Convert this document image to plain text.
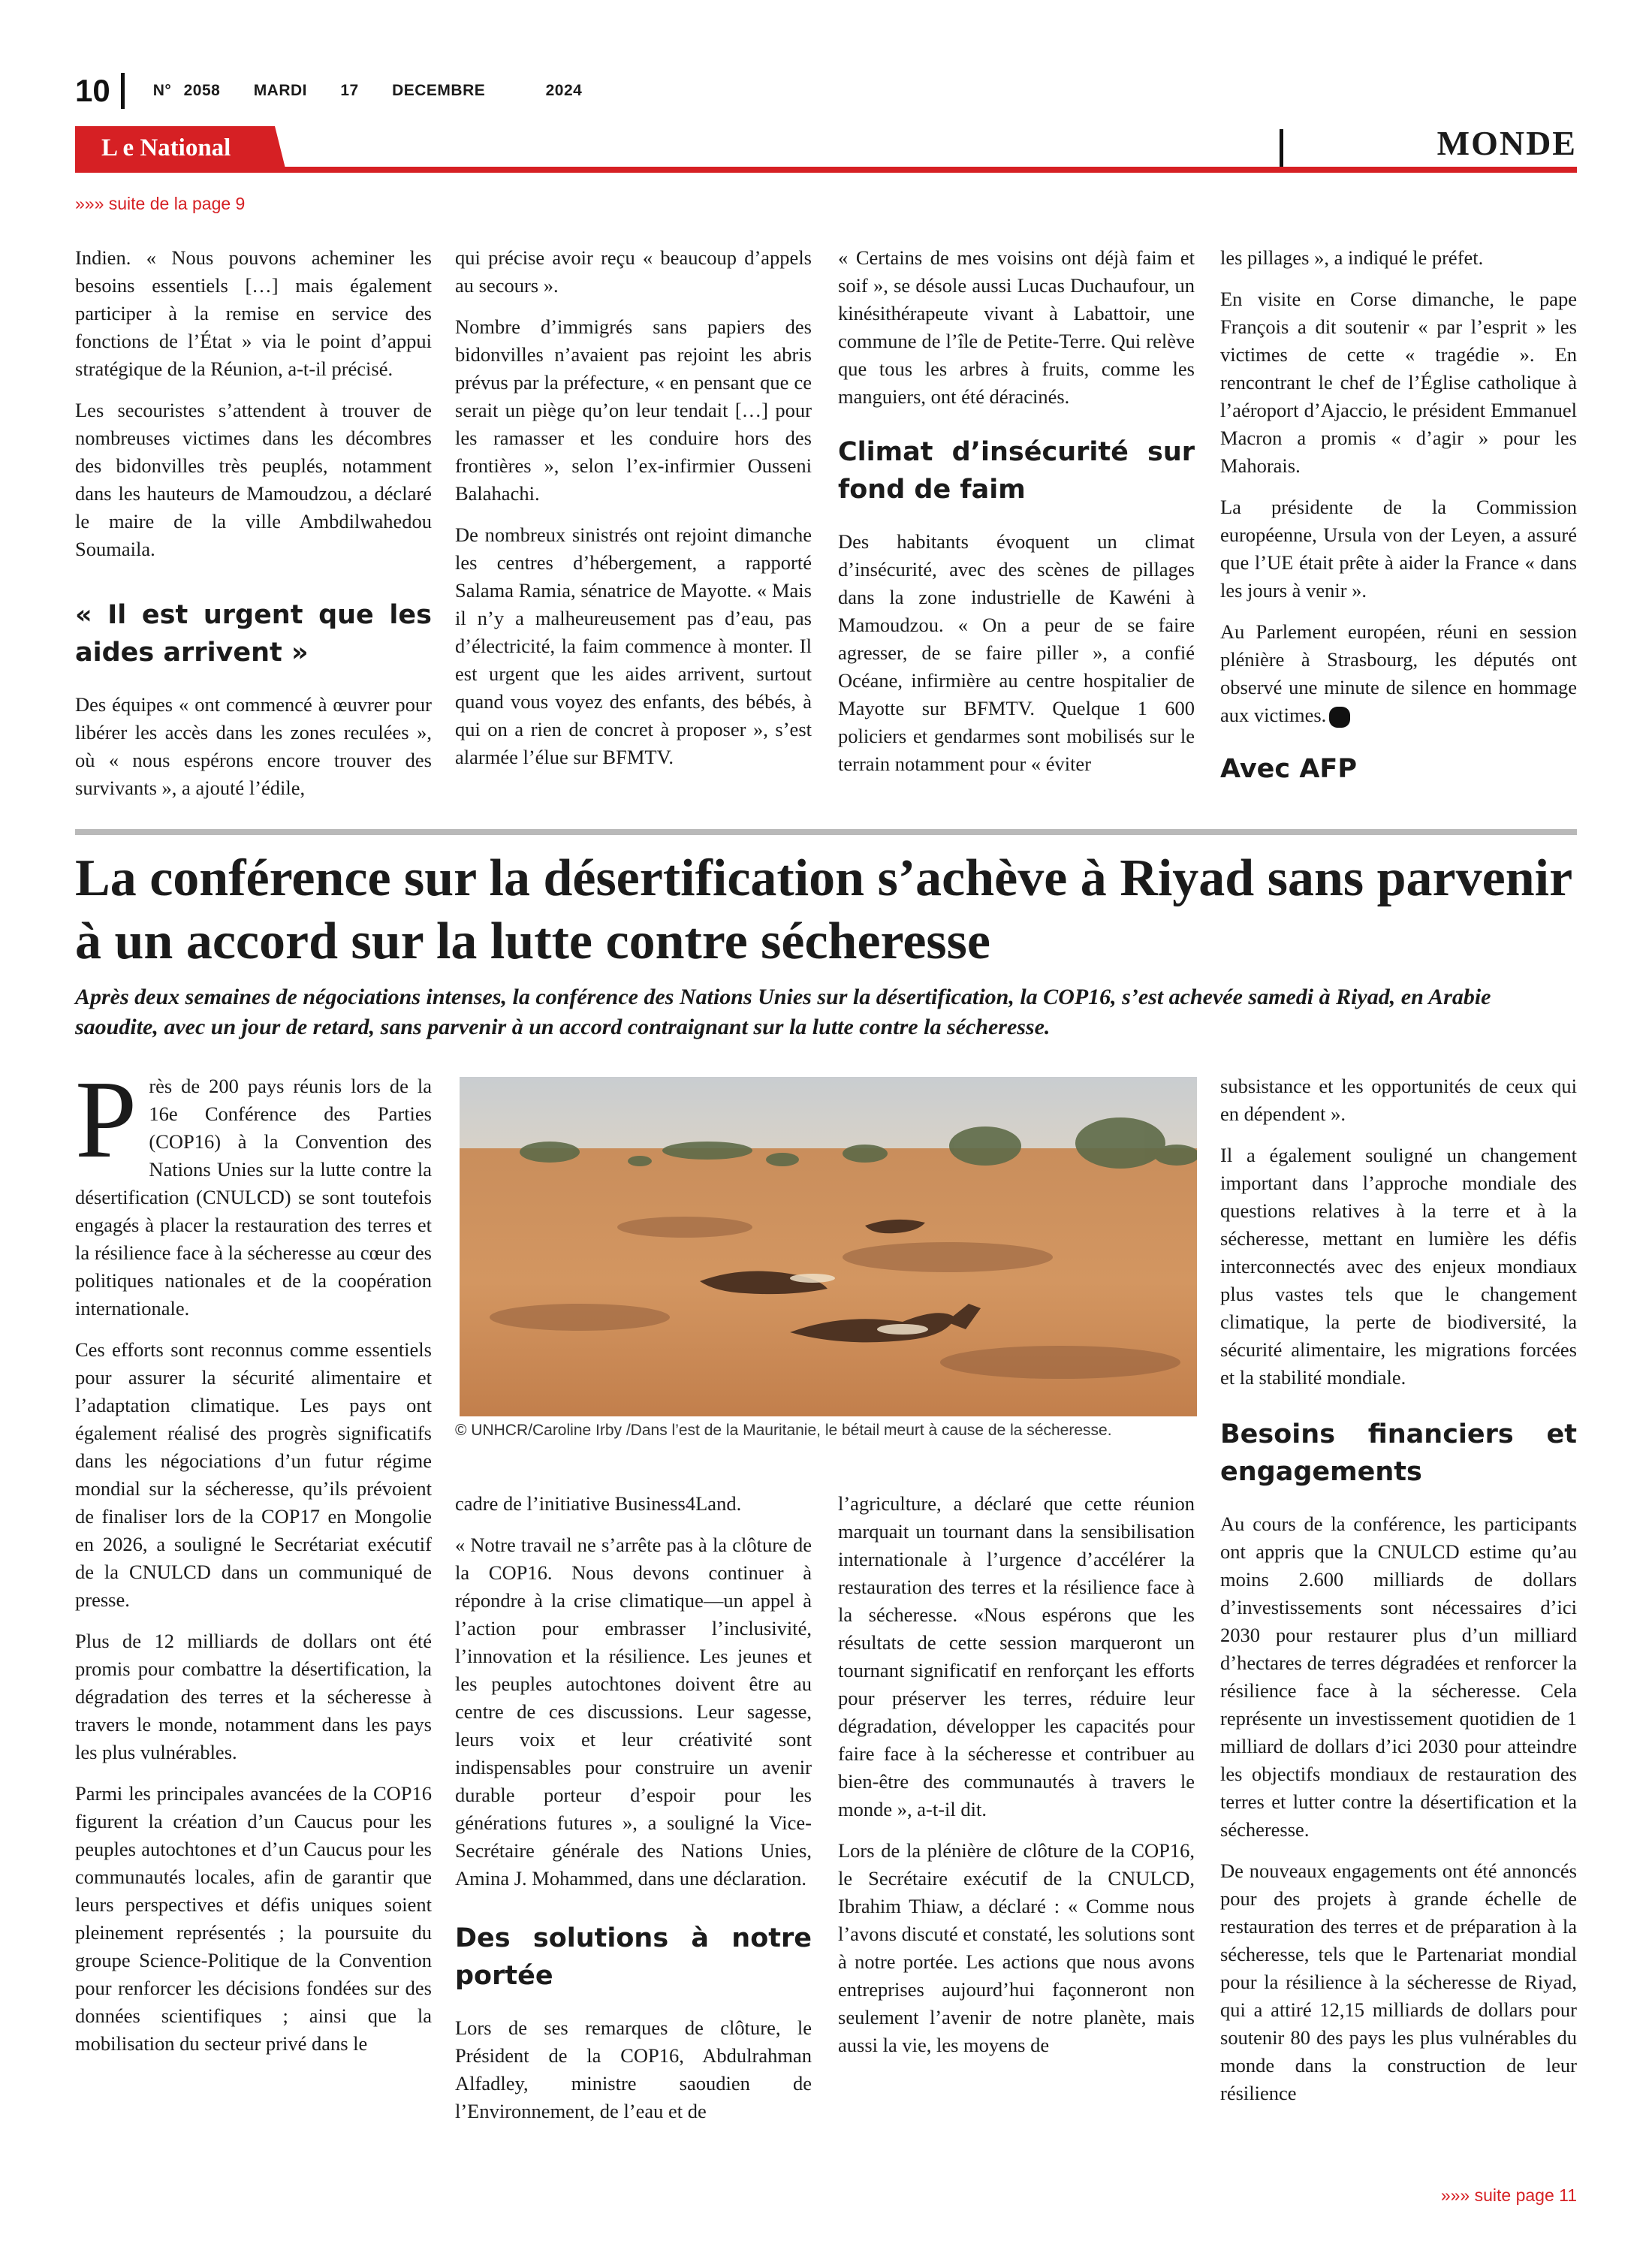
10	N° 2058 MARDI 17 DECEMBRE	2024
L e National	MONDE
»»» suite de la page 9

Indien. « Nous pouvons acheminer les besoins essentiels […] mais également participer à la remise en service des fonctions de l’État » via le point d’appui stratégique de la Réunion, a-t-il précisé.

Les secouristes s’attendent à trouver de nombreuses victimes dans les décombres des bidonvilles très peuplés, notamment dans les hauteurs de Mamoudzou, a déclaré le maire de la ville Ambdilwahedou Soumaila.

« Il est urgent que les aides arrivent »

Des équipes « ont commencé à œuvrer pour libérer les accès dans les zones reculées », où « nous espérons encore trouver des survivants », a ajouté l’édile,

qui précise avoir reçu « beaucoup d’appels au secours ».

Nombre d’immigrés sans papiers des bidonvilles n’avaient pas rejoint les abris prévus par la préfecture, « en pensant que ce serait un piège qu’on leur tendait […] pour les ramasser et les conduire hors des frontières », selon l’ex-infirmier Ousseni Balahachi.

De nombreux sinistrés ont rejoint dimanche les centres d’hébergement, a rapporté Salama Ramia, sénatrice de Mayotte. « Mais il n’y a malheureusement pas d’eau, pas d’électricité, la faim commence à monter. Il est urgent que les aides arrivent, surtout quand vous voyez des enfants, des bébés, à qui on a rien de concret à proposer », s’est alarmée l’élue sur BFMTV.

« Certains de mes voisins ont déjà faim et soif », se désole aussi Lucas Duchaufour, un kinésithérapeute vivant à Labattoir, une commune de l’île de Petite-Terre. Qui relève que tous les arbres à fruits, comme les manguiers, ont été déracinés.

Climat d’insécurité sur fond de faim

Des habitants évoquent un climat d’insécurité, avec des scènes de pillages dans la zone industrielle de Kawéni à Mamoudzou. « On a peur de se faire agresser, de se faire piller », a confié Océane, infirmière au centre hospitalier de Mayotte sur BFMTV. Quelque 1 600 policiers et gendarmes sont mobilisés sur le terrain notamment pour « éviter

les pillages », a indiqué le préfet.

En visite en Corse dimanche, le pape François a dit soutenir « par l’esprit » les victimes de cette « tragédie ». En rencontrant le chef de l’Église catholique à l’aéroport d’Ajaccio, le président Emmanuel Macron a promis « d’agir » pour les Mahorais.

La présidente de la Commission européenne, Ursula von der Leyen, a assuré que l’UE était prête à aider la France « dans les jours à venir ».

Au Parlement européen, réuni en session plénière à Strasbourg, les députés ont observé une minute de silence en hommage aux victimes.

Avec AFP
La conférence sur la désertification s’achève à Riyad sans parvenir à un accord sur la lutte contre sécheresse
Après deux semaines de négociations intenses, la conférence des Nations Unies sur la désertification, la COP16, s’est achevée samedi à Riyad, en Arabie saoudite, avec un jour de retard, sans parvenir à un accord contraignant sur la lutte contre la sécheresse.
© UNHCR/Caroline Irby /Dans l’est de la Mauritanie, le bétail meurt à cause de la sécheresse.

Près de 200 pays réunis lors de la 16e Conférence des Parties (COP16) à la Convention des Nations Unies sur la lutte contre la désertification (CNULCD) se sont toutefois engagés à placer la restauration des terres et la résilience face à la sécheresse au cœur des politiques nationales et de la coopération internationale.

Ces efforts sont reconnus comme essentiels pour assurer la sécurité alimentaire et l’adaptation climatique. Les pays ont également réalisé des progrès significatifs dans les négociations d’un futur régime mondial sur la sécheresse, qu’ils prévoient de finaliser lors de la COP17 en Mongolie en 2026, a souligné le Secrétariat exécutif de la CNULCD dans un communiqué de presse.

Plus de 12 milliards de dollars ont été promis pour combattre la désertification, la dégradation des terres et la sécheresse à travers le monde, notamment dans les pays les plus vulnérables.

Parmi les principales avancées de la COP16 figurent la création d’un Caucus pour les peuples autochtones et d’un Caucus pour les communautés locales, afin de garantir que leurs perspectives et défis uniques soient pleinement représentés ; la poursuite du groupe Science-Politique de la Convention pour renforcer les décisions fondées sur des données scientifiques ; ainsi que la mobilisation du secteur privé dans le

cadre de l’initiative Business4Land.

« Notre travail ne s’arrête pas à la clôture de la COP16. Nous devons continuer à répondre à la crise climatique—un appel à l’action pour embrasser l’inclusivité, l’innovation et la résilience. Les jeunes et les peuples autochtones doivent être au centre de ces discussions. Leur sagesse, leurs voix et leur créativité sont indispensables pour construire un avenir durable porteur d’espoir pour les générations futures », a souligné la Vice-Secrétaire générale des Nations Unies, Amina J. Mohammed, dans une déclaration.

Des solutions à notre portée

Lors de ses remarques de clôture, le Président de la COP16, Abdulrahman Alfadley, ministre saoudien de l’Environnement, de l’eau et de

l’agriculture, a déclaré que cette réunion marquait un tournant dans la sensibilisation internationale à l’urgence d’accélérer la restauration des terres et la résilience face à la sécheresse. «Nous espérons que les résultats de cette session marqueront un tournant significatif en renforçant les efforts pour préserver les terres, réduire leur dégradation, développer les capacités pour faire face à la sécheresse et contribuer au bien-être des communautés à travers le monde », a-t-il dit.

Lors de la plénière de clôture de la COP16, le Secrétaire exécutif de la CNULCD, Ibrahim Thiaw, a déclaré : « Comme nous l’avons discuté et constaté, les solutions sont à notre portée. Les actions que nous avons entreprises aujourd’hui façonneront non seulement l’avenir de notre planète, mais aussi la vie, les moyens de

subsistance et les opportunités de ceux qui en dépendent ».

Il a également souligné un changement important dans l’approche mondiale des questions relatives à la terre et à la sécheresse, mettant en lumière les défis interconnectés avec des enjeux mondiaux plus vastes tels que le changement climatique, la perte de biodiversité, la sécurité alimentaire, les migrations forcées et la stabilité mondiale.

Besoins financiers et engagements

Au cours de la conférence, les participants ont appris que la CNULCD estime qu’au moins 2.600 milliards de dollars d’investissements sont nécessaires d’ici 2030 pour restaurer plus d’un milliard d’hectares de terres dégradées et renforcer la résilience face à la sécheresse. Cela représente un investissement quotidien de 1 milliard de dollars d’ici 2030 pour atteindre les objectifs mondiaux de restauration des terres et lutter contre la désertification et la sécheresse.

De nouveaux engagements ont été annoncés pour des projets à grande échelle de restauration des terres et de préparation à la sécheresse, tels que le Partenariat mondial pour la résilience à la sécheresse de Riyad, qui a attiré 12,15 milliards de dollars pour soutenir 80 des pays les plus vulnérables du monde dans la construction de leur résilience

»»» suite page 11
